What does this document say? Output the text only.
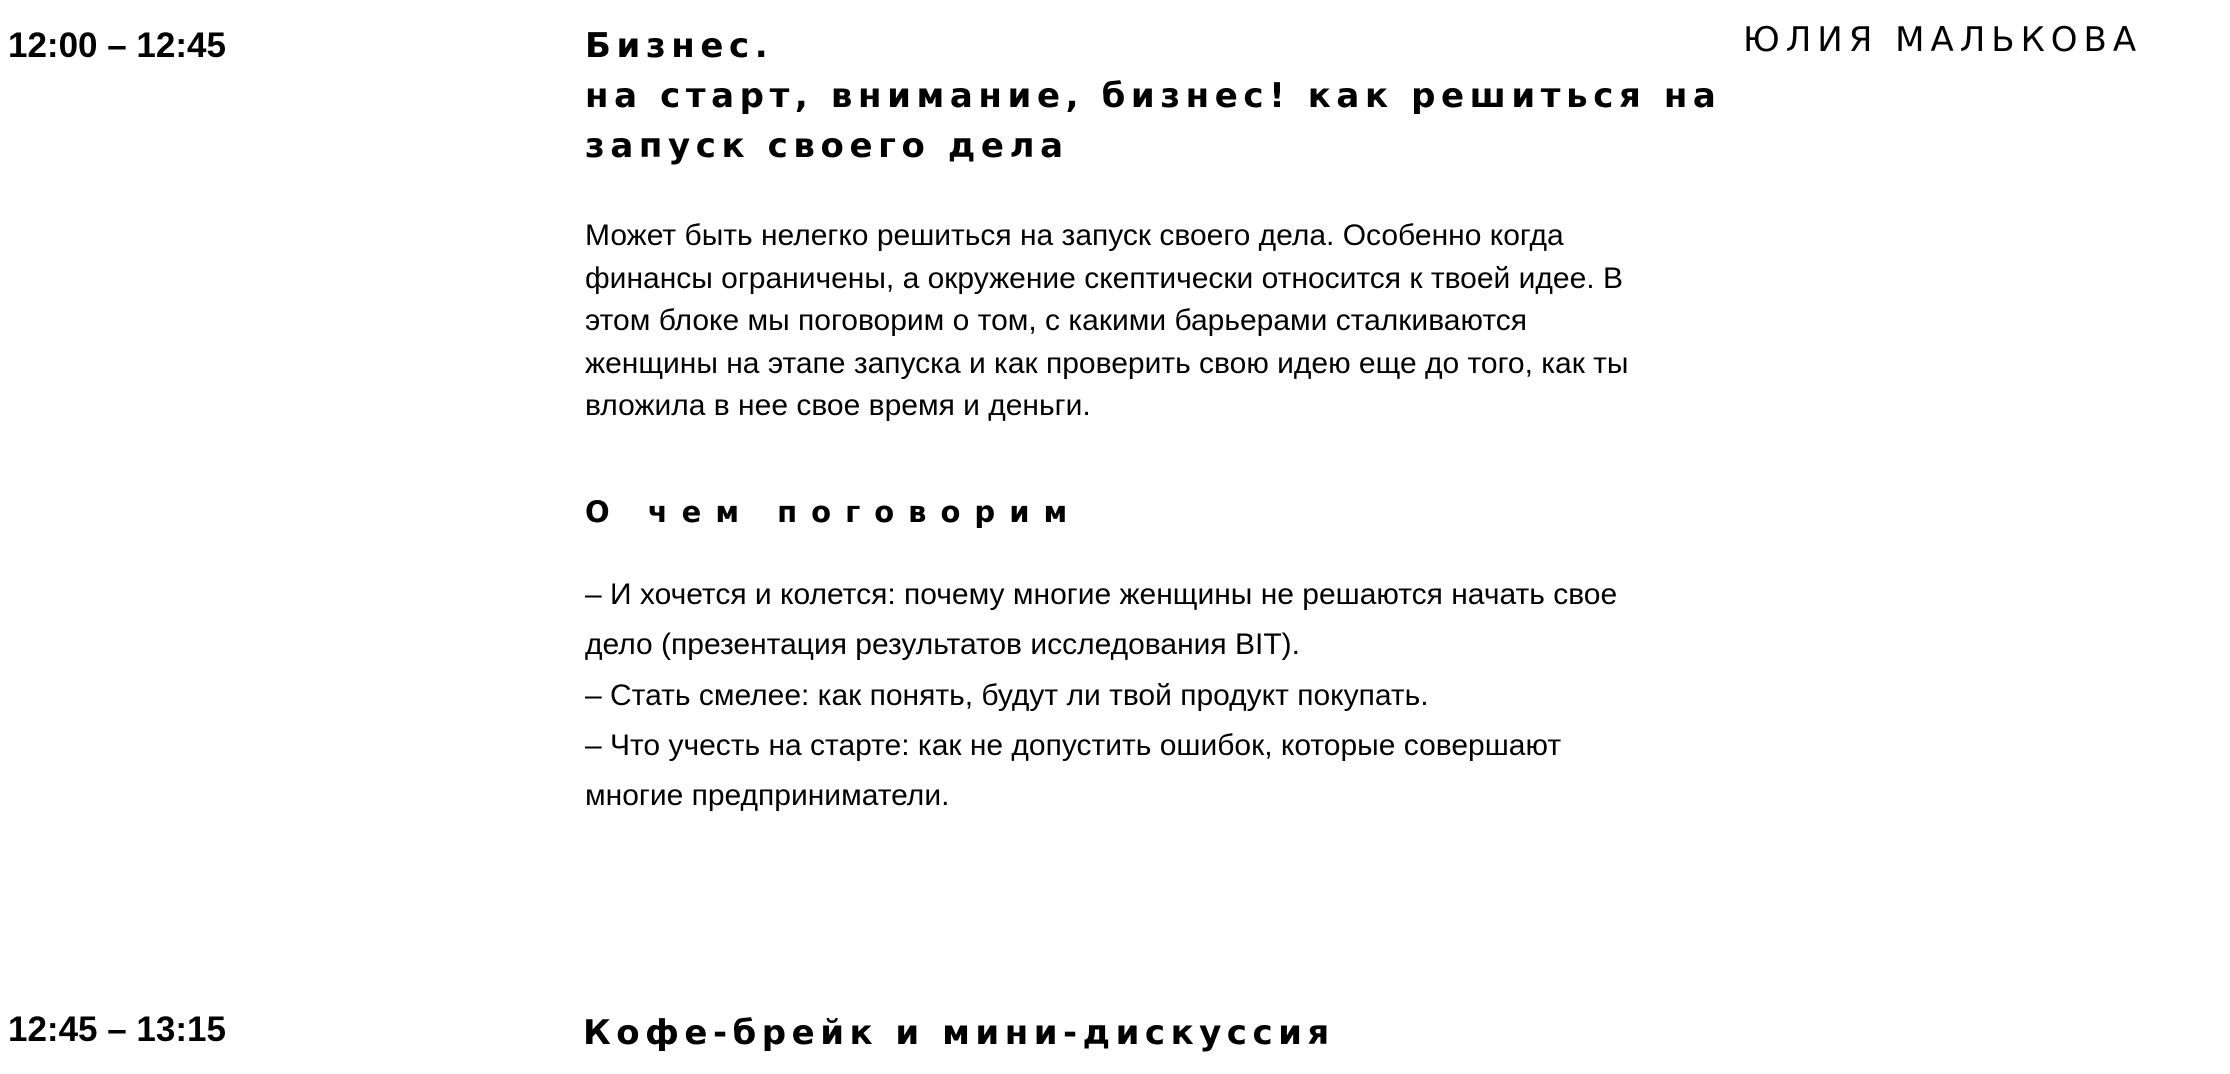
12:00 – 12:45	Бизнес.
на старт, внимание, бизнес! как решиться на
запуск своего дела
ЮЛИЯ МАЛЬКОВА
Может быть нелегко решиться на запуск своего дела. Особенно когда
финансы ограничены, а окружение скептически относится к твоей идее. В
этом блоке мы поговорим о том, с какими барьерами сталкиваются
женщины на этапе запуска и как проверить свою идею еще до того, как ты
вложила в нее свое время и деньги.
О чем поговорим
– И хочется и колется: почему многие женщины не решаются начать свое
дело (презентация результатов исследования BIT).
– Стать смелее: как понять, будут ли твой продукт покупать.
– Что учесть на старте: как не допустить ошибок, которые совершают
многие предприниматели.
12:45 – 13:15	Кофе-брейк и мини-дискуссия
